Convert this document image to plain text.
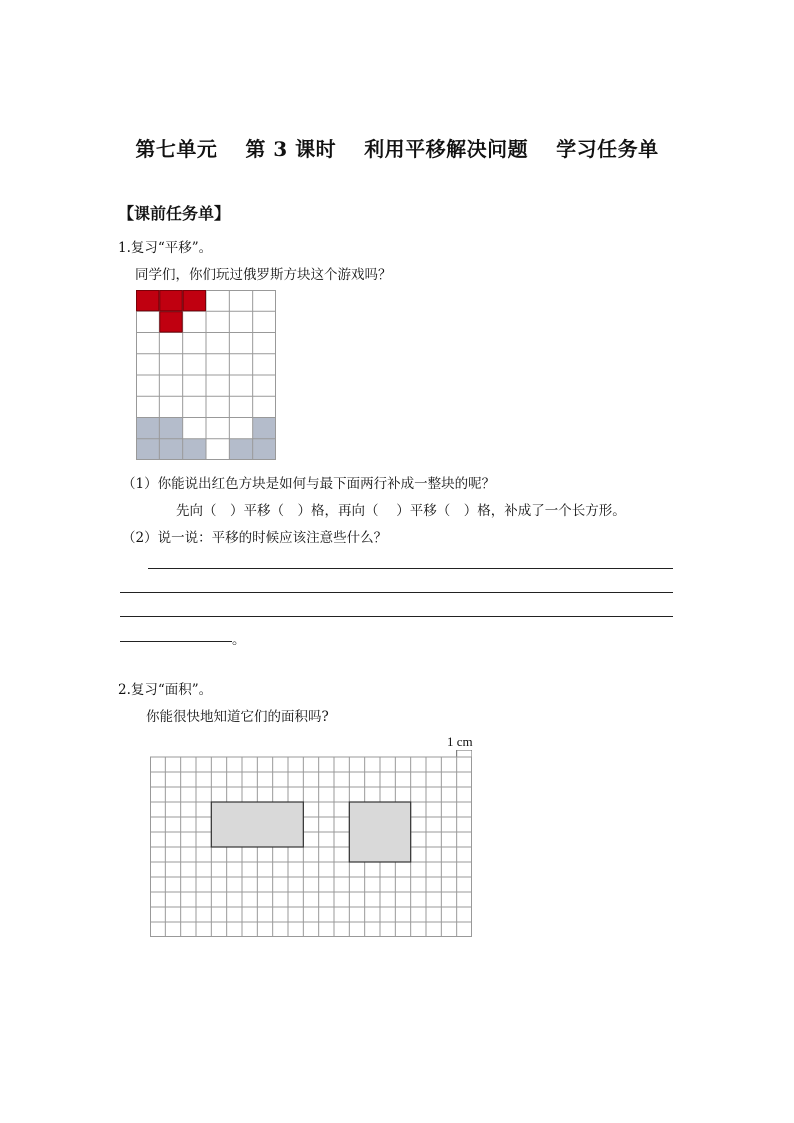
第七单元　 第 3 课时　 利用平移解决问题　 学习任务单
【课前任务单】
1.复习“平移”。
同学们，你们玩过俄罗斯方块这个游戏吗？
（1）你能说出红色方块是如何与最下面两行补成一整块的呢？
先向（　）平移（　）格，再向（　 ）平移（　）格，补成了一个长方形。
（2）说一说：平移的时候应该注意些什么？
。
2.复习“面积”。
你能很快地知道它们的面积吗?
1 cm
